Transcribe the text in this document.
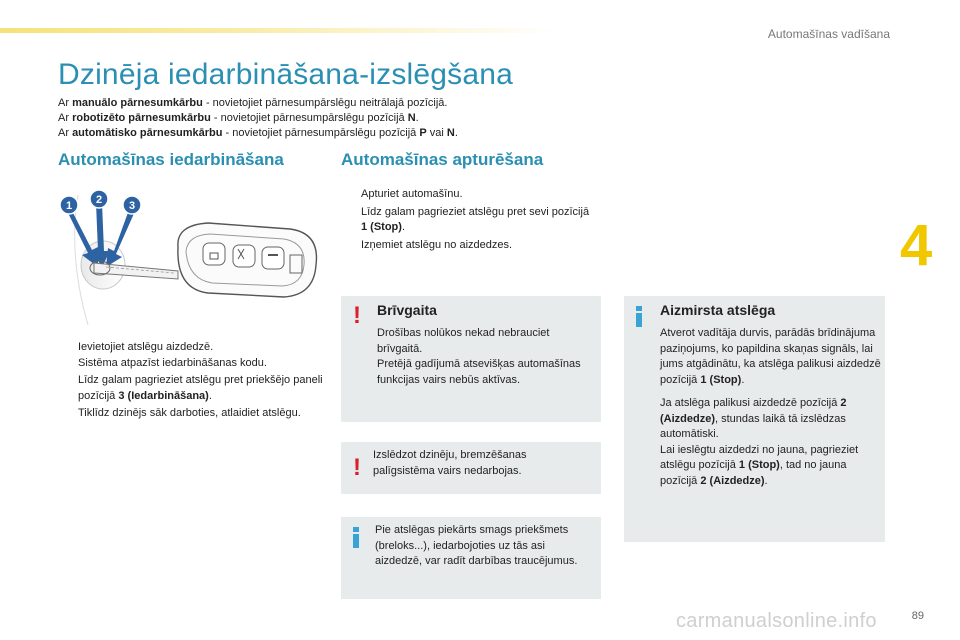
Automašīnas vadīšana
4
Dzinēja iedarbināšana-izslēgšana

Ar manuālo pārnesumkārbu - novietojiet pārnesumpārslēgu neitrālajā pozīcijā.

Ar robotizēto pārnesumkārbu - novietojiet pārnesumpārslēgu pozīcijā N.

Ar automātisko pārnesumkārbu - novietojiet pārnesumpārslēgu pozīcijā P vai N.

Automašīnas iedarbināšana	Automašīnas apturēšana
1 2 3
Ievietojiet atslēgu aizdedzē.
Sistēma atpazīst iedarbināšanas kodu.
Līdz galam pagrieziet atslēgu pret priekšējo paneli pozīcijā 3 (Iedarbināšana).
Tiklīdz dzinējs sāk darboties, atlaidiet atslēgu.
Apturiet automašīnu.
Līdz galam pagrieziet atslēgu pret sevi pozīcijā 1 (Stop).
Izņemiet atslēgu no aizdedzes.
! Brīvgaita
Drošības nolūkos nekad nebrauciet brīvgaitā.
Pretējā gadījumā atsevišķas automašīnas funkcijas vairs nebūs aktīvas.
!	Izslēdzot dzinēju, bremzēšanas palīgsistēma vairs nedarbojas.
Pie atslēgas piekārts smags priekšmets (breloks...), iedarbojoties uz tās asi aizdedzē, var radīt darbības traucējumus.
Aizmirsta atslēga

Atverot vadītāja durvis, parādās brīdinājuma paziņojums, ko papildina skaņas signāls, lai jums atgādinātu, ka atslēga palikusi aizdedzē pozīcijā 1 (Stop).

Ja atslēga palikusi aizdedzē pozīcijā 2 (Aizdedze), stundas laikā tā izslēdzas automātiski.

Lai ieslēgtu aizdedzi no jauna, pagrieziet atslēgu pozīcijā 1 (Stop), tad no jauna pozīcijā 2 (Aizdedze).

carmanualsonline.info	89
